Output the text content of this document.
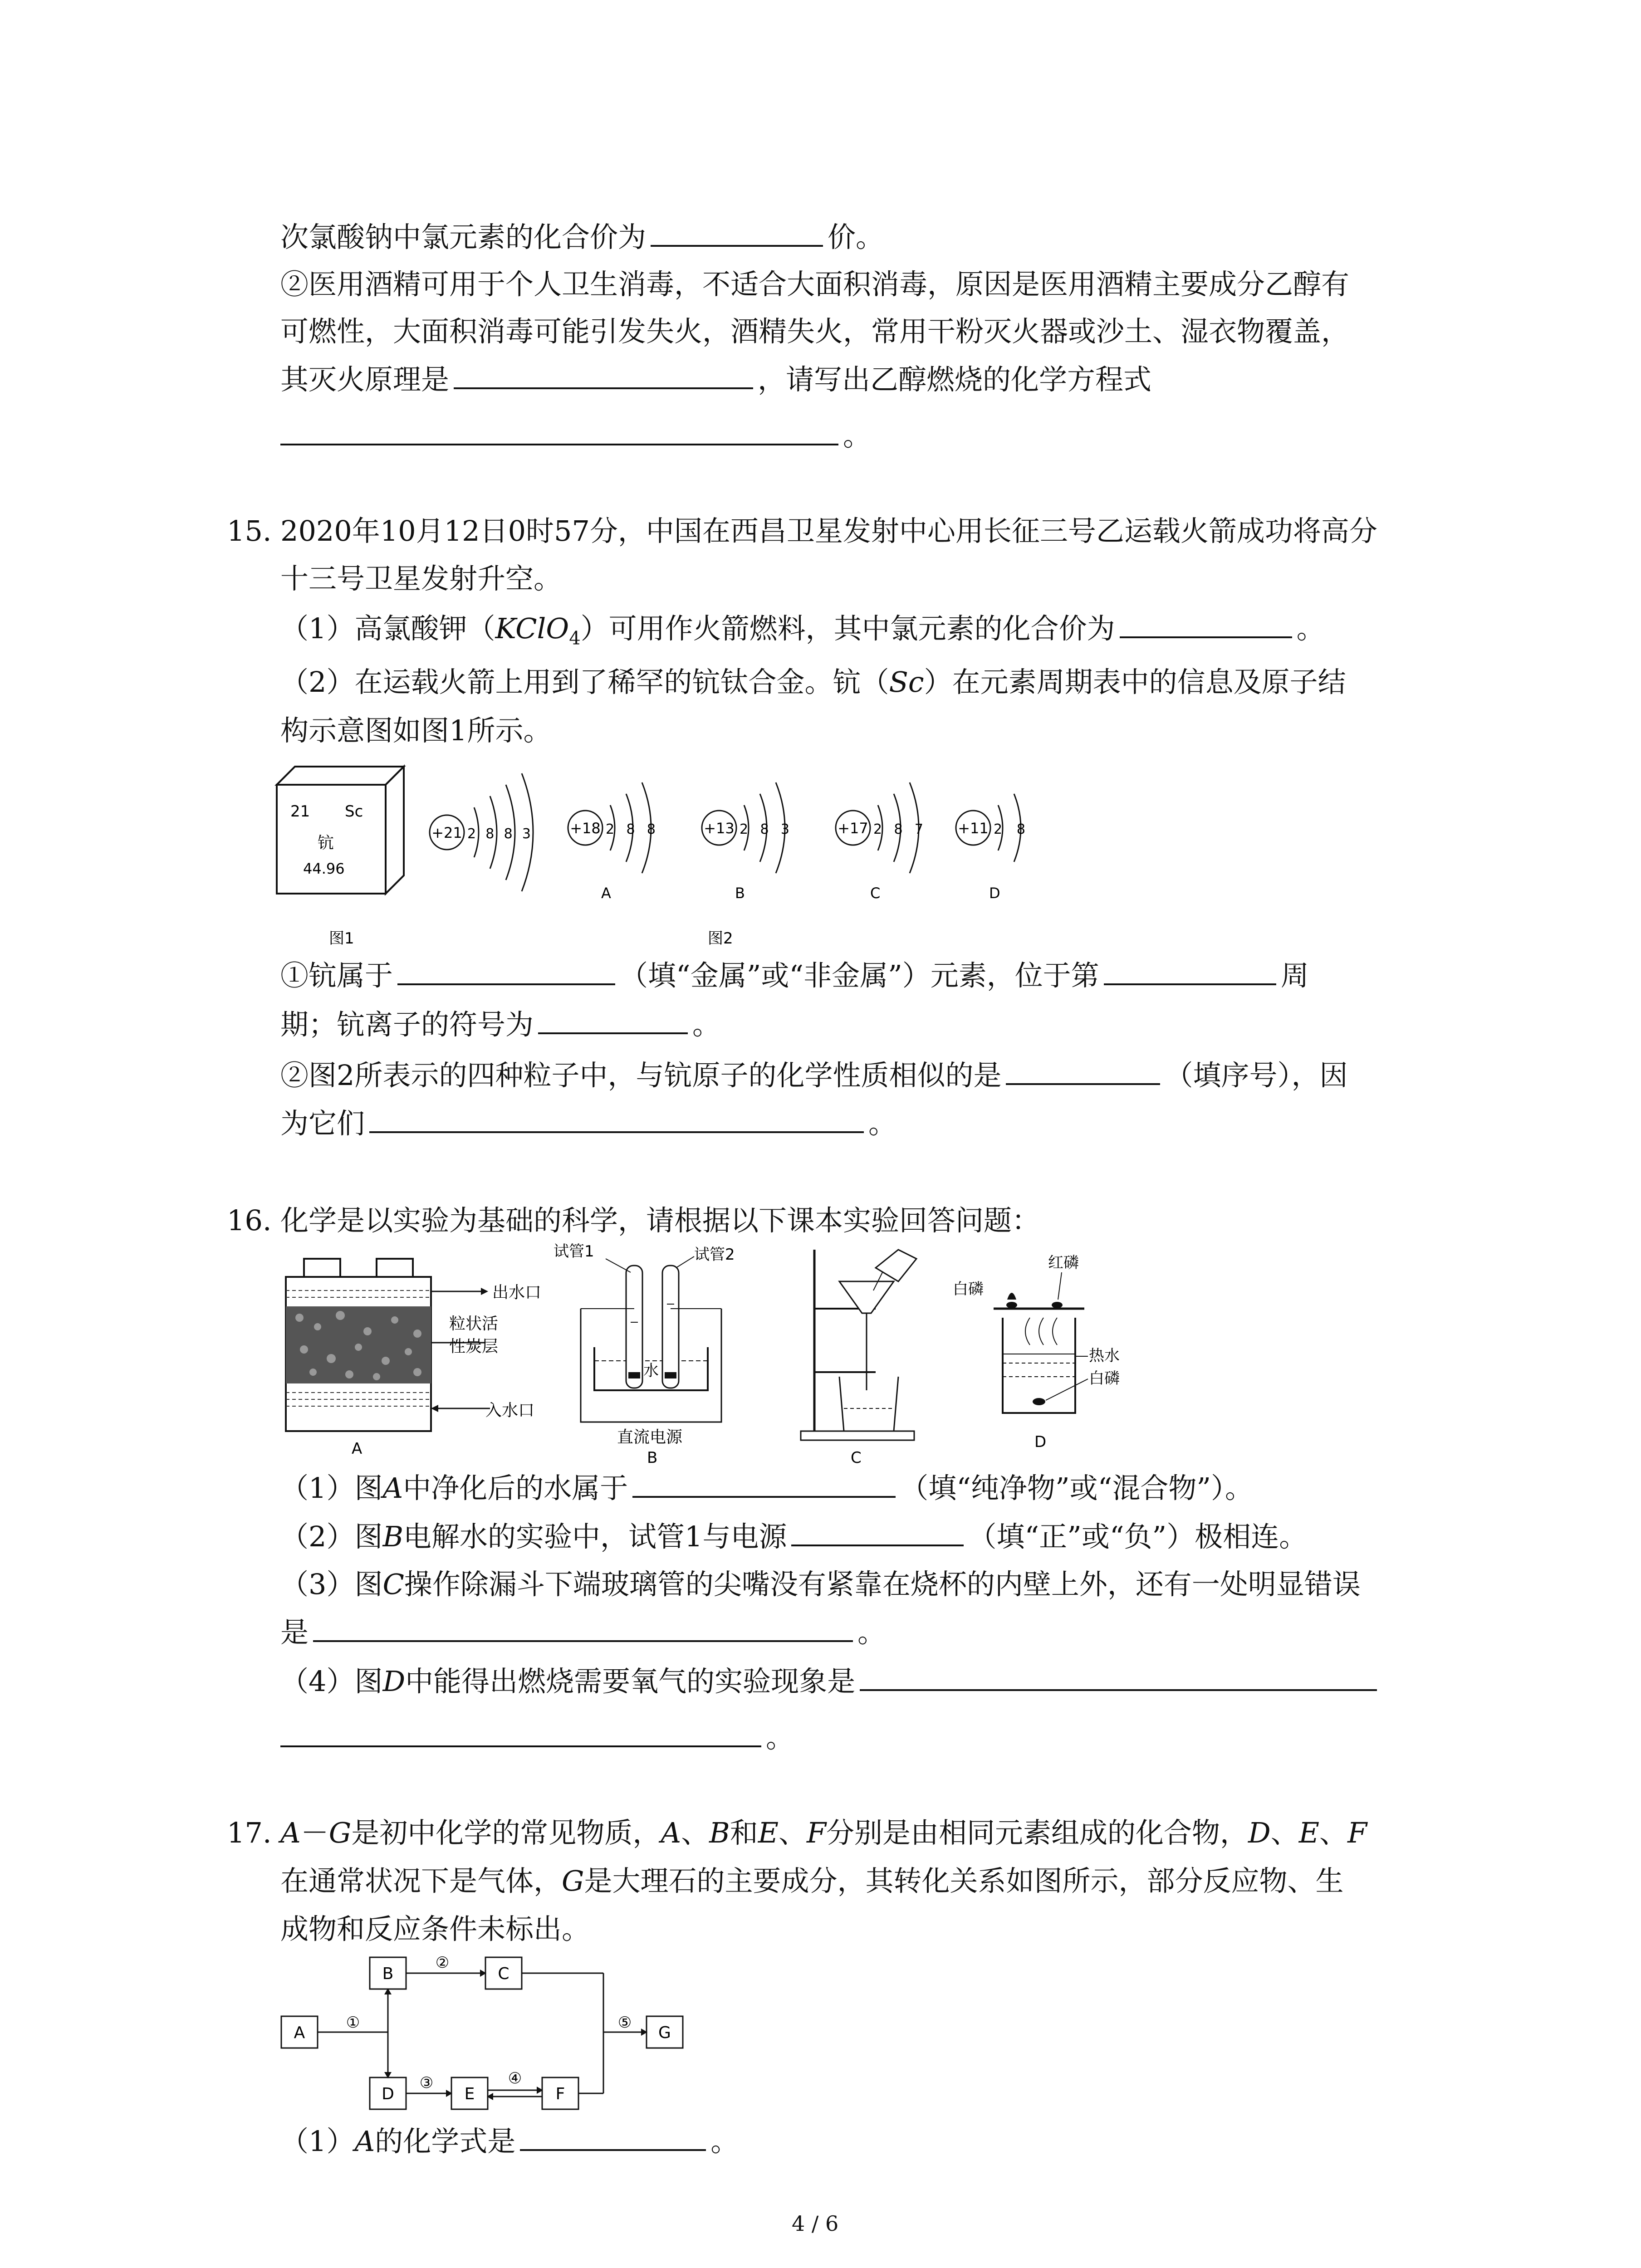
次氯酸钠中氯元素的化合价为	价。
②医用酒精可用于个人卫生消毒，不适合大面积消毒，原因是医用酒精主要成分乙醇有
可燃性，大面积消毒可能引发失火，酒精失火，常用干粉灭火器或沙土、湿衣物覆盖，
其灭火原理是	，请写出乙醇燃烧的化学方程式
。
15. 2020年10月12日0时57分，中国在西昌卫星发射中心用长征三号乙运载火箭成功将高分
十三号卫星发射升空。
（1）高氯酸钾（KClO$_4$）可用作火箭燃料，其中氯元素的化合价为	。
（2）在运载火箭上用到了稀罕的钪钛合金。钪（Sc）在元素周期表中的信息及原子结
构示意图如图1所示。
21 Sc
钪
44.96
+21 2 8 8 3	+18 2 8 8
A
+13 2 8 3
B
+17 2 8 7
C
+11 2 8
D
图1	图2
①钪属于	（填“金属”或“非金属”）元素，位于第	周
期；钪离子的符号为	。
②图2所表示的四种粒子中，与钪原子的化学性质相似的是	（填序号），因
为它们	。
16. 化学是以实验为基础的科学，请根据以下课本实验回答问题：
出水口
粒状活
性炭层
入水口
A
水
试管1	试管2
直流电源
B	C
红磷
白磷
热水
白磷
D
（1）图A中净化后的水属于	（填“纯净物”或“混合物”）。
（2）图B电解水的实验中，试管1与电源	（填“正”或“负”）极相连。
（3）图C操作除漏斗下端玻璃管的尖嘴没有紧靠在烧杯的内壁上外，还有一处明显错误
是	。
（4）图D中能得出燃烧需要氧气的实验现象是
。
17. A－G是初中化学的常见物质，A、B和E、F分别是由相同元素组成的化合物，D、E、F
在通常状况下是气体，G是大理石的主要成分，其转化关系如图所示，部分反应物、生
成物和反应条件未标出。
A
B	C
D	E	F
G
①
②
③	④
⑤
（1）A的化学式是	。
4 / 6
